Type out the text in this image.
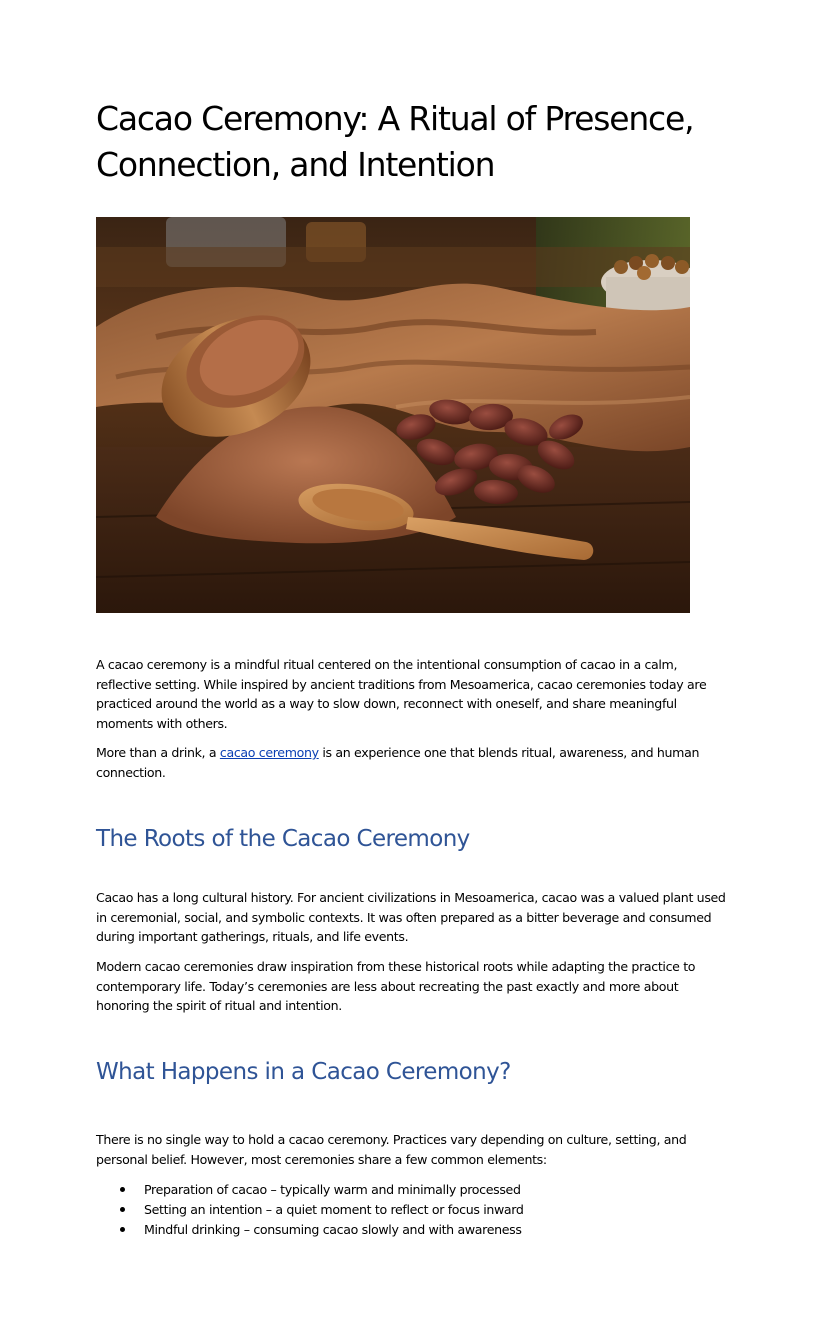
Cacao Ceremony: A Ritual of Presence, Connection, and Intention

A cacao ceremony is a mindful ritual centered on the intentional consumption of cacao in a calm, reflective setting. While inspired by ancient traditions from Mesoamerica, cacao ceremonies today are practiced around the world as a way to slow down, reconnect with oneself, and share meaningful moments with others.

More than a drink, a cacao ceremony is an experience one that blends ritual, awareness, and human connection.

The Roots of the Cacao Ceremony

Cacao has a long cultural history. For ancient civilizations in Mesoamerica, cacao was a valued plant used in ceremonial, social, and symbolic contexts. It was often prepared as a bitter beverage and consumed during important gatherings, rituals, and life events.

Modern cacao ceremonies draw inspiration from these historical roots while adapting the practice to contemporary life. Today’s ceremonies are less about recreating the past exactly and more about honoring the spirit of ritual and intention.

What Happens in a Cacao Ceremony?

There is no single way to hold a cacao ceremony. Practices vary depending on culture, setting, and personal belief. However, most ceremonies share a few common elements:

Preparation of cacao – typically warm and minimally processed
Setting an intention – a quiet moment to reflect or focus inward
Mindful drinking – consuming cacao slowly and with awareness
